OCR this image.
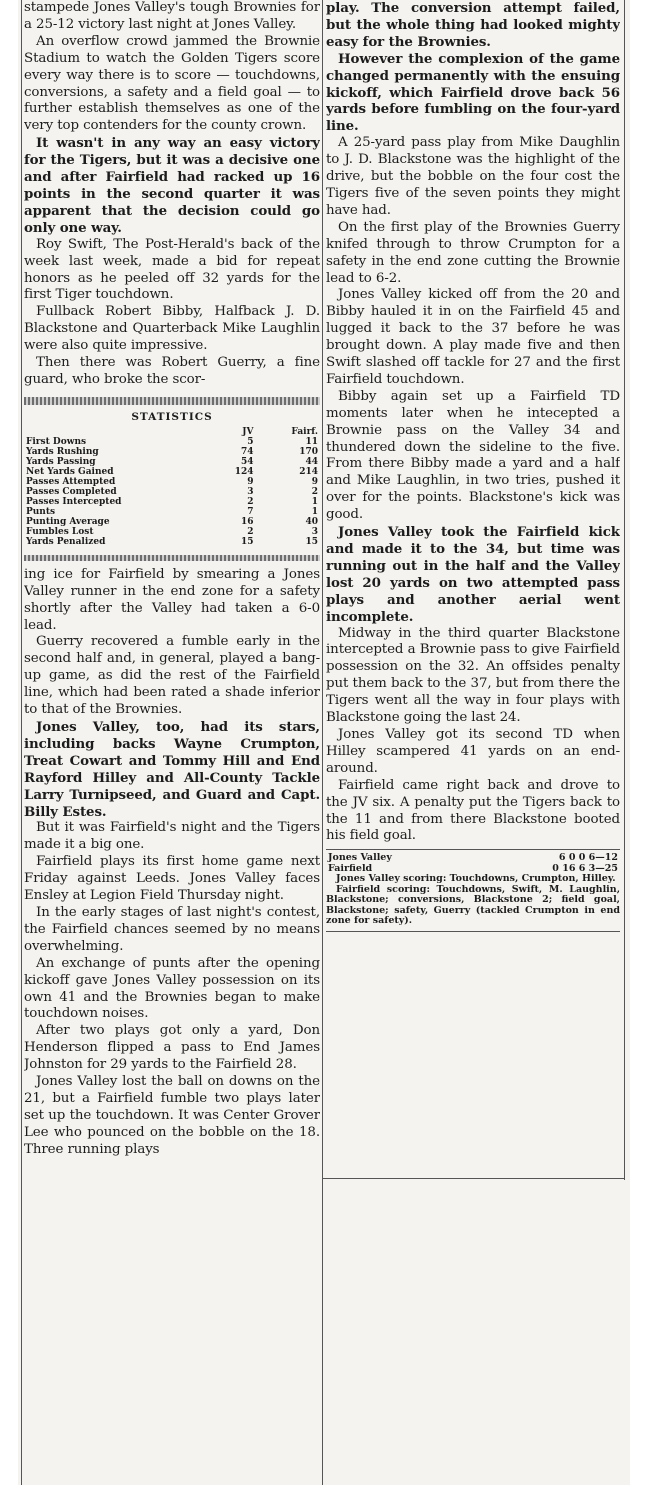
stampede Jones Valley's tough Brownies for a 25-12 victory last night at Jones Valley.

An overflow crowd jammed the Brownie Stadium to watch the Golden Tigers score every way there is to score — touchdowns, conversions, a safety and a field goal — to further establish themselves as one of the very top contenders for the county crown.

It wasn't in any way an easy victory for the Tigers, but it was a decisive one and after Fairfield had racked up 16 points in the second quarter it was apparent that the decision could go only one way.

Roy Swift, The Post-Herald's back of the week last week, made a bid for repeat honors as he peeled off 32 yards for the first Tiger touchdown.

Fullback Robert Bibby, Halfback J. D. Blackstone and Quarterback Mike Laughlin were also quite impressive.

Then there was Robert Guerry, a fine guard, who broke the scor-

STATISTICS
	JV	Fairf.
First Downs	5	11
Yards Rushing	74	170
Yards Passing	54	44
Net Yards Gained	124	214
Passes Attempted	9	9
Passes Completed	3	2
Passes Intercepted	2	1
Punts	7	1
Punting Average	16	40
Fumbles Lost	2	3
Yards Penalized	15	15

ing ice for Fairfield by smearing a Jones Valley runner in the end zone for a safety shortly after the Valley had taken a 6-0 lead.

Guerry recovered a fumble early in the second half and, in general, played a bang-up game, as did the rest of the Fairfield line, which had been rated a shade inferior to that of the Brownies.

Jones Valley, too, had its stars, including backs Wayne Crumpton, Treat Cowart and Tommy Hill and End Rayford Hilley and All-County Tackle Larry Turnipseed, and Guard and Capt. Billy Estes.

But it was Fairfield's night and the Tigers made it a big one.

Fairfield plays its first home game next Friday against Leeds. Jones Valley faces Ensley at Legion Field Thursday night.

In the early stages of last night's contest, the Fairfield chances seemed by no means overwhelming.

An exchange of punts after the opening kickoff gave Jones Valley possession on its own 41 and the Brownies began to make touchdown noises.

After two plays got only a yard, Don Henderson flipped a pass to End James Johnston for 29 yards to the Fairfield 28.

Jones Valley lost the ball on downs on the 21, but a Fairfield fumble two plays later set up the touchdown. It was Center Grover Lee who pounced on the bobble on the 18. Three running plays

play. The conversion attempt failed, but the whole thing had looked mighty easy for the Brownies.

However the complexion of the game changed permanently with the ensuing kickoff, which Fairfield drove back 56 yards before fumbling on the four-yard line.

A 25-yard pass play from Mike Daughlin to J. D. Blackstone was the highlight of the drive, but the bobble on the four cost the Tigers five of the seven points they might have had.

On the first play of the Brownies Guerry knifed through to throw Crumpton for a safety in the end zone cutting the Brownie lead to 6-2.

Jones Valley kicked off from the 20 and Bibby hauled it in on the Fairfield 45 and lugged it back to the 37 before he was brought down. A play made five and then Swift slashed off tackle for 27 and the first Fairfield touchdown.

Bibby again set up a Fairfield TD moments later when he intecepted a Brownie pass on the Valley 34 and thundered down the sideline to the five. From there Bibby made a yard and a half and Mike Laughlin, in two tries, pushed it over for the points. Blackstone's kick was good.

Jones Valley took the Fairfield kick and made it to the 34, but time was running out in the half and the Valley lost 20 yards on two attempted pass plays and another aerial went incomplete.

Midway in the third quarter Blackstone intercepted a Brownie pass to give Fairfield possession on the 32. An offsides penalty put them back to the 37, but from there the Tigers went all the way in four plays with Blackstone going the last 24.

Jones Valley got its second TD when Hilley scampered 41 yards on an end-around.

Fairfield came right back and drove to the JV six. A penalty put the Tigers back to the 11 and from there Blackstone booted his field goal.

Jones Valley	6 0 0 6—12
Fairfield	0 16 6 3—25

Jones Valley scoring: Touchdowns, Crumpton, Hilley.

Fairfield scoring: Touchdowns, Swift, M. Laughlin, Blackstone; conversions, Blackstone 2; field goal, Blackstone; safety, Guerry (tackled Crumpton in end zone for safety).
